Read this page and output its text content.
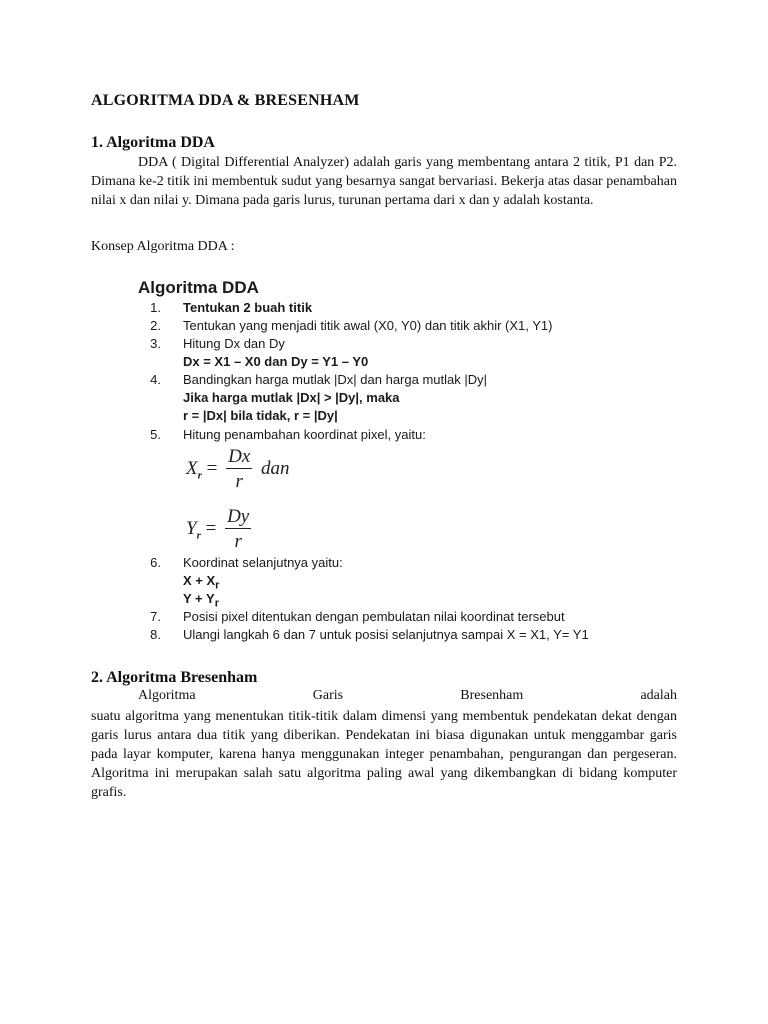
ALGORITMA DDA & BRESENHAM
1. Algoritma DDA
DDA ( Digital Differential Analyzer) adalah garis yang membentang antara 2 titik, P1 dan P2. Dimana ke-2 titik ini membentuk sudut yang besarnya sangat bervariasi. Bekerja atas dasar penambahan nilai x dan nilai y. Dimana pada garis lurus, turunan pertama dari x dan y adalah kostanta.
Konsep Algoritma DDA :
Algoritma DDA
1. Tentukan 2 buah titik
2. Tentukan yang menjadi titik awal (X0, Y0) dan titik akhir (X1, Y1)
3. Hitung Dx dan Dy
Dx = X1 – X0 dan Dy = Y1 – Y0
4. Bandingkan harga mutlak |Dx| dan harga mutlak |Dy|
Jika harga mutlak |Dx| > |Dy|, maka
r = |Dx| bila tidak, r = |Dy|
5. Hitung penambahan koordinat pixel, yaitu:
$X_r = \frac{Dx}{r}$ dan
$Y_r = \frac{Dy}{r}$
6. Koordinat selanjutnya yaitu:
$X + X_r$
$Y + Y_r$
7. Posisi pixel ditentukan dengan pembulatan nilai koordinat tersebut
8. Ulangi langkah 6 dan 7 untuk posisi selanjutnya sampai X = X1, Y= Y1
2. Algoritma Bresenham
Algoritma	Garis	Bresenham	adalah
suatu algoritma yang menentukan titik-titik dalam dimensi yang membentuk pendekatan dekat dengan garis lurus antara dua titik yang diberikan. Pendekatan ini biasa digunakan untuk menggambar garis pada layar komputer, karena hanya menggunakan integer penambahan, pengurangan dan pergeseran. Algoritma ini merupakan salah satu algoritma paling awal yang dikembangkan di bidang komputer grafis.
